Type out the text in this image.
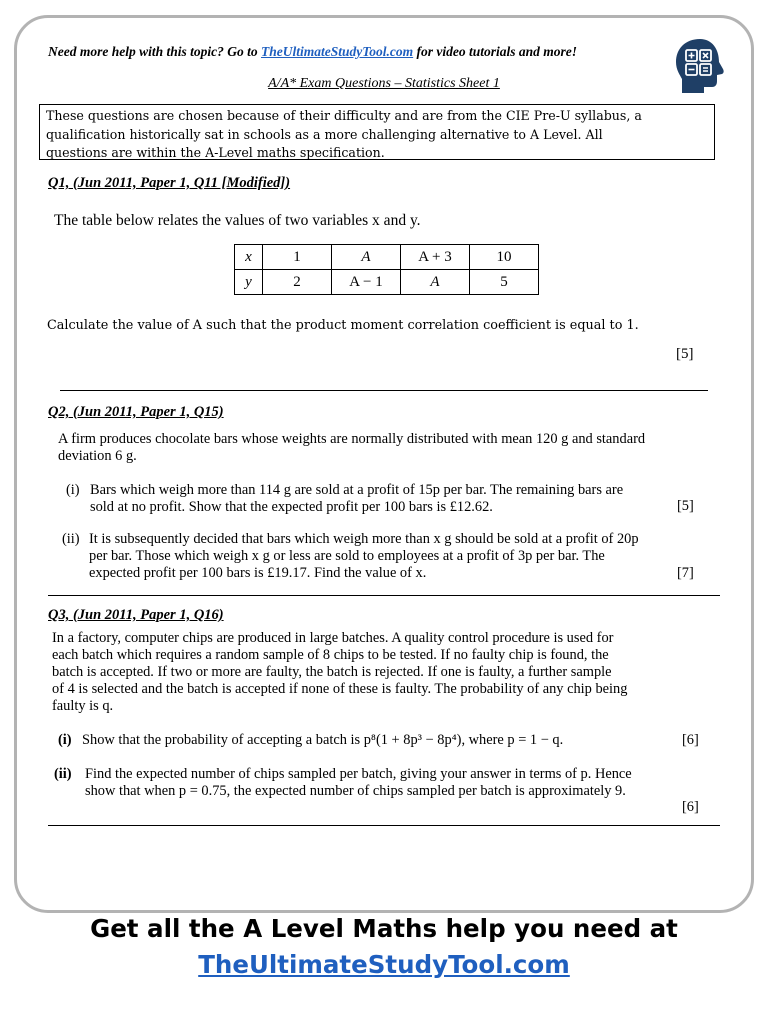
Need more help with this topic? Go to TheUltimateStudyTool.com for video tutorials and more!
A/A* Exam Questions – Statistics Sheet 1
These questions are chosen because of their difficulty and are from the CIE Pre-U syllabus, a
qualification historically sat in schools as a more challenging alternative to A Level. All
questions are within the A-Level maths specification.
Q1, (Jun 2011, Paper 1, Q11 [Modified])
The table below relates the values of two variables x and y.
x	1	A	A + 3	10
y	2	A − 1	A	5
Calculate the value of A such that the product moment correlation coefficient is equal to 1.
[5]
Q2, (Jun 2011, Paper 1, Q15)
A firm produces chocolate bars whose weights are normally distributed with mean 120 g and standard
deviation 6 g.
(i) Bars which weigh more than 114 g are sold at a profit of 15p per bar. The remaining bars are
sold at no profit. Show that the expected profit per 100 bars is £12.62.	[5]
(ii) It is subsequently decided that bars which weigh more than x g should be sold at a profit of 20p
per bar. Those which weigh x g or less are sold to employees at a profit of 3p per bar. The
expected profit per 100 bars is £19.17. Find the value of x.	[7]
Q3, (Jun 2011, Paper 1, Q16)
In a factory, computer chips are produced in large batches. A quality control procedure is used for
each batch which requires a random sample of 8 chips to be tested. If no faulty chip is found, the
batch is accepted. If two or more are faulty, the batch is rejected. If one is faulty, a further sample
of 4 is selected and the batch is accepted if none of these is faulty. The probability of any chip being
faulty is q.
(i) Show that the probability of accepting a batch is p⁸(1 + 8p³ − 8p⁴), where p = 1 − q.	[6]
(ii) Find the expected number of chips sampled per batch, giving your answer in terms of p. Hence
show that when p = 0.75, the expected number of chips sampled per batch is approximately 9.
[6]
Get all the A Level Maths help you need at
TheUltimateStudyTool.com
